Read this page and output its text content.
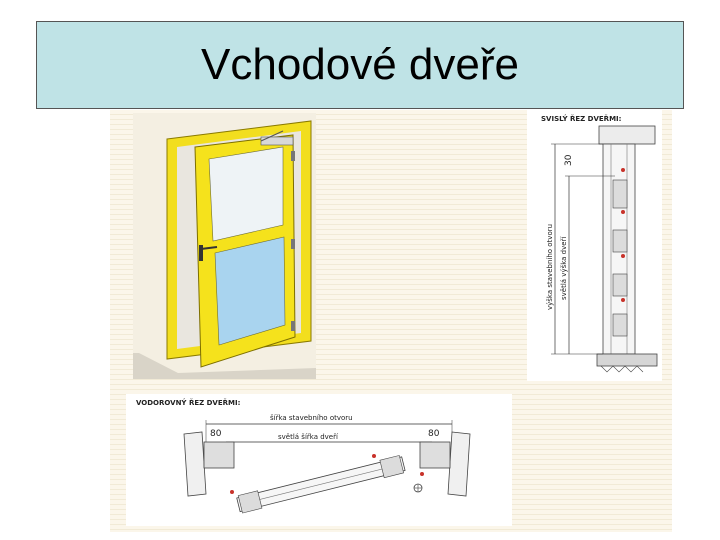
Vchodové dveře
SVISLÝ ŘEZ DVEŘMI:
30
výška stavebního otvoru světlá výška dveří
VODOROVNÝ ŘEZ DVEŘMI:
šířka stavebního otvoru
světlá šířka dveří
80	80
